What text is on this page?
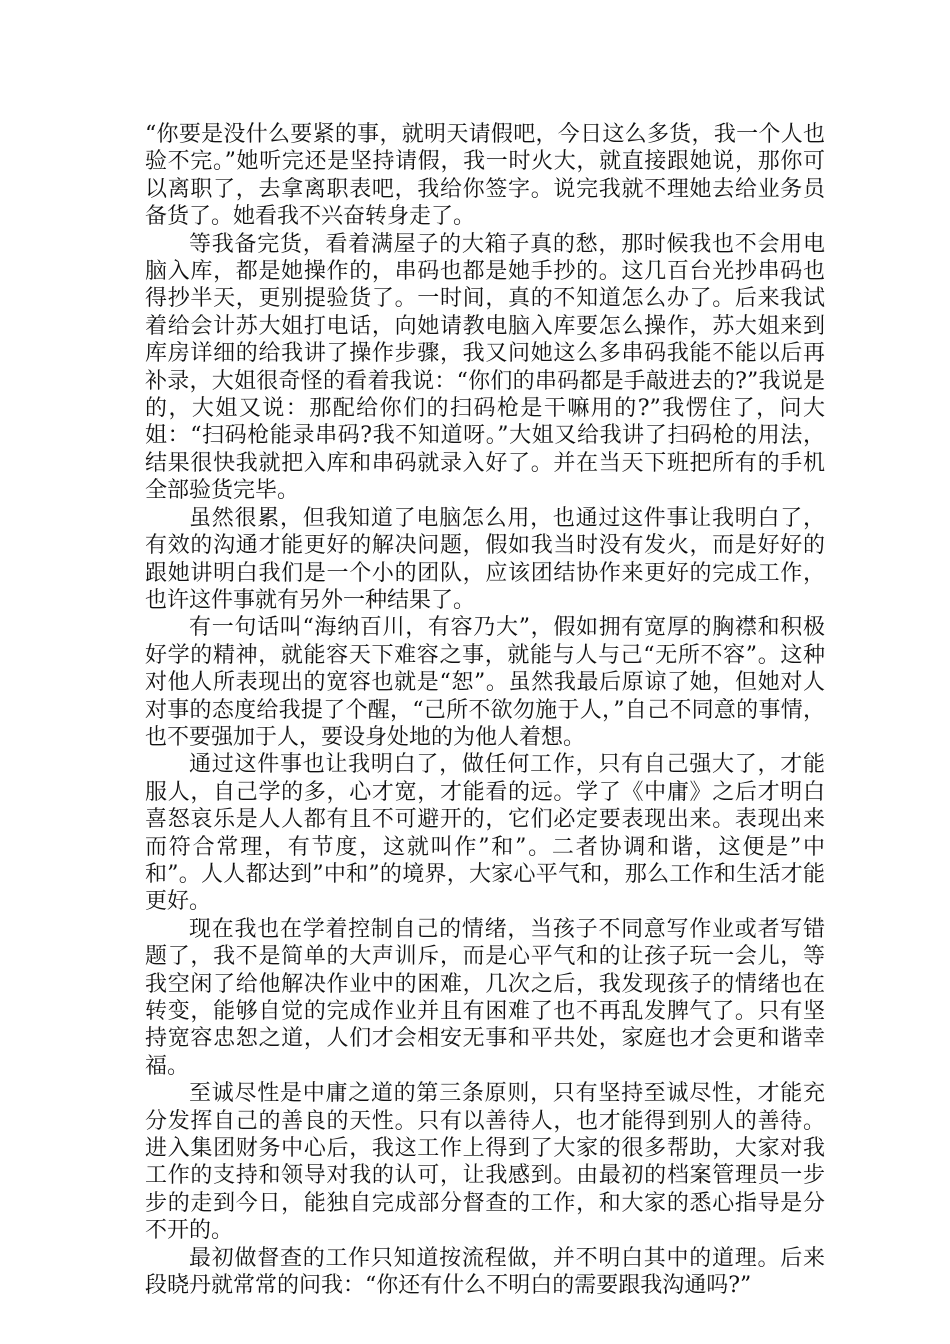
“你要是没什么要紧的事，就明天请假吧，今日这么多货，我一个人也验不完。”她听完还是坚持请假，我一时火大，就直接跟她说，那你可以离职了，去拿离职表吧，我给你签字。说完我就不理她去给业务员备货了。她看我不兴奋转身走了。

等我备完货，看着满屋子的大箱子真的愁，那时候我也不会用电脑入库，都是她操作的，串码也都是她手抄的。这几百台光抄串码也得抄半天，更别提验货了。一时间，真的不知道怎么办了。后来我试着给会计苏大姐打电话，向她请教电脑入库要怎么操作，苏大姐来到库房详细的给我讲了操作步骤，我又问她这么多串码我能不能以后再补录，大姐很奇怪的看着我说：“你们的串码都是手敲进去的?”我说是的，大姐又说：那配给你们的扫码枪是干嘛用的?”我愣住了，问大姐：“扫码枪能录串码?我不知道呀。”大姐又给我讲了扫码枪的用法，结果很快我就把入库和串码就录入好了。并在当天下班把所有的手机全部验货完毕。

虽然很累，但我知道了电脑怎么用，也通过这件事让我明白了，有效的沟通才能更好的解决问题，假如我当时没有发火，而是好好的跟她讲明白我们是一个小的团队，应该团结协作来更好的完成工作，也许这件事就有另外一种结果了。

有一句话叫“海纳百川，有容乃大”，假如拥有宽厚的胸襟和积极好学的精神，就能容天下难容之事，就能与人与己“无所不容”。这种对他人所表现出的宽容也就是“恕”。虽然我最后原谅了她，但她对人对事的态度给我提了个醒，“己所不欲勿施于人，”自己不同意的事情，也不要强加于人，要设身处地的为他人着想。

通过这件事也让我明白了，做任何工作，只有自己强大了，才能服人，自己学的多，心才宽，才能看的远。学了《中庸》之后才明白喜怒哀乐是人人都有且不可避开的，它们必定要表现出来。表现出来而符合常理，有节度，这就叫作”和”。二者协调和谐，这便是”中和”。人人都达到”中和”的境界，大家心平气和，那么工作和生活才能更好。

现在我也在学着控制自己的情绪，当孩子不同意写作业或者写错题了，我不是简单的大声训斥，而是心平气和的让孩子玩一会儿，等我空闲了给他解决作业中的困难，几次之后，我发现孩子的情绪也在转变，能够自觉的完成作业并且有困难了也不再乱发脾气了。只有坚持宽容忠恕之道，人们才会相安无事和平共处，家庭也才会更和谐幸福。

至诚尽性是中庸之道的第三条原则，只有坚持至诚尽性，才能充分发挥自己的善良的天性。只有以善待人，也才能得到别人的善待。进入集团财务中心后，我这工作上得到了大家的很多帮助，大家对我工作的支持和领导对我的认可，让我感到。由最初的档案管理员一步步的走到今日，能独自完成部分督查的工作，和大家的悉心指导是分不开的。

最初做督查的工作只知道按流程做，并不明白其中的道理。后来段晓丹就常常的问我：“你还有什么不明白的需要跟我沟通吗?”
